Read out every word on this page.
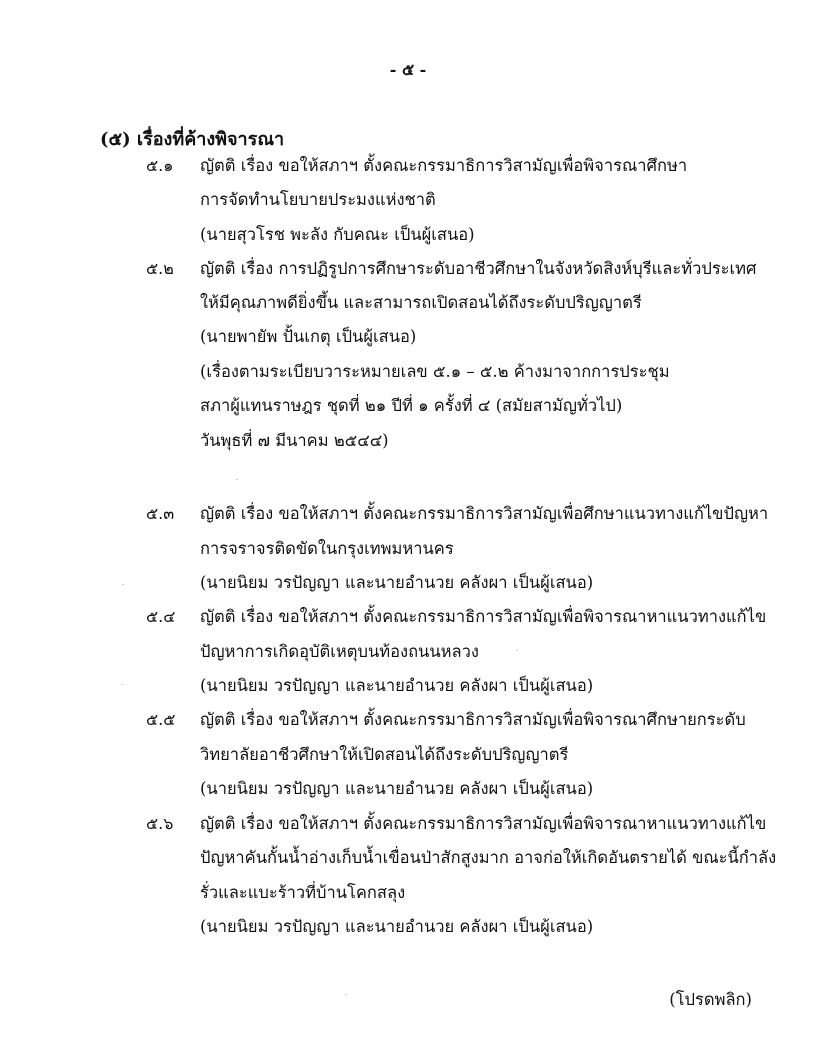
- ๕ -
(๕) เรื่องที่ค้างพิจารณา
๕.๑ ญัตติ เรื่อง ขอให้สภาฯ ตั้งคณะกรรมาธิการวิสามัญเพื่อพิจารณาศึกษา
การจัดทำนโยบายประมงแห่งชาติ
(นายสุวโรช พะลัง กับคณะ เป็นผู้เสนอ)
๕.๒ ญัตติ เรื่อง การปฏิรูปการศึกษาระดับอาชีวศึกษาในจังหวัดสิงห์บุรีและทั่วประเทศ
ให้มีคุณภาพดียิ่งขึ้น และสามารถเปิดสอนได้ถึงระดับปริญญาตรี
(นายพายัพ ปั้นเกตุ เป็นผู้เสนอ)
(เรื่องตามระเบียบวาระหมายเลข ๕.๑ – ๕.๒ ค้างมาจากการประชุม
สภาผู้แทนราษฎร ชุดที่ ๒๑ ปีที่ ๑ ครั้งที่ ๔ (สมัยสามัญทั่วไป)
วันพุธที่ ๗ มีนาคม ๒๕๔๔)
๕.๓ ญัตติ เรื่อง ขอให้สภาฯ ตั้งคณะกรรมาธิการวิสามัญเพื่อศึกษาแนวทางแก้ไขปัญหา
การจราจรติดขัดในกรุงเทพมหานคร
(นายนิยม วรปัญญา และนายอำนวย คลังผา เป็นผู้เสนอ)
๕.๔ ญัตติ เรื่อง ขอให้สภาฯ ตั้งคณะกรรมาธิการวิสามัญเพื่อพิจารณาหาแนวทางแก้ไข
ปัญหาการเกิดอุบัติเหตุบนท้องถนนหลวง
(นายนิยม วรปัญญา และนายอำนวย คลังผา เป็นผู้เสนอ)
๕.๕ ญัตติ เรื่อง ขอให้สภาฯ ตั้งคณะกรรมาธิการวิสามัญเพื่อพิจารณาศึกษายกระดับ
วิทยาลัยอาชีวศึกษาให้เปิดสอนได้ถึงระดับปริญญาตรี
(นายนิยม วรปัญญา และนายอำนวย คลังผา เป็นผู้เสนอ)
๕.๖ ญัตติ เรื่อง ขอให้สภาฯ ตั้งคณะกรรมาธิการวิสามัญเพื่อพิจารณาหาแนวทางแก้ไข
ปัญหาคันกั้นน้ำอ่างเก็บน้ำเขื่อนป่าสักสูงมาก อาจก่อให้เกิดอันตรายได้ ขณะนี้กำลัง
รั่วและแบะร้าวที่บ้านโคกสลุง
(นายนิยม วรปัญญา และนายอำนวย คลังผา เป็นผู้เสนอ)
(โปรดพลิก)
